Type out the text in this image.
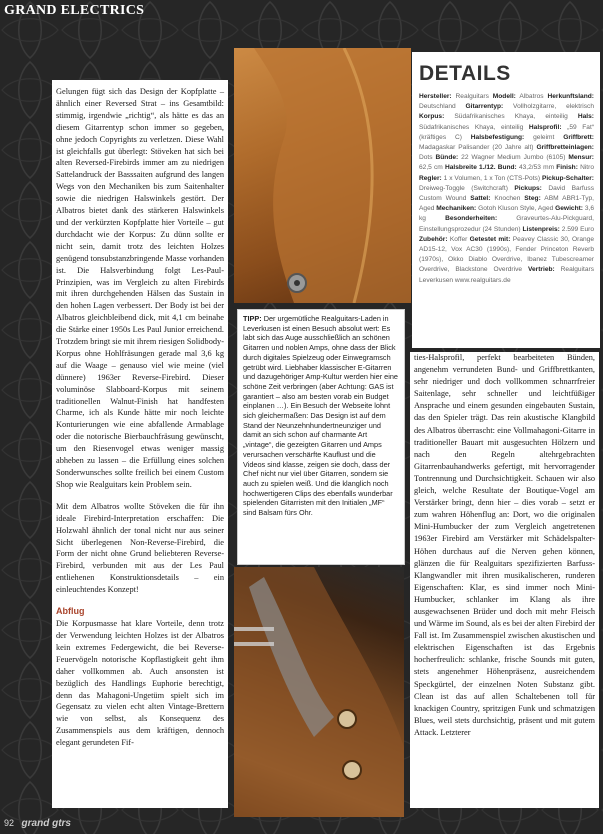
GRAND ELECTRICS

Gelungen fügt sich das Design der Kopfplatte – ähnlich einer Reversed Strat – ins Gesamtbild: stimmig, irgendwie „richtig“, als hätte es das an diesem Gitarrentyp schon immer so gegeben, ohne jedoch Copyrights zu verletzen. Diese Wahl ist gleichfalls gut überlegt: Stöveken hat sich bei alten Reversed-Firebirds immer am zu niedrigen Sattelandruck der Basssaiten aufgrund des langen Wegs von den Mechaniken bis zum Saitenhalter sowie die niedrigen Halswinkels gestört. Der Albatros bietet dank des stärkeren Halswinkels und der verkürzten Kopfplatte hier Vorteile – gut durchdacht wie der Korpus: Zu dünn sollte er nicht sein, damit trotz des leichten Holzes genügend tonsubstanzbringende Masse vorhanden ist. Die Halsverbindung folgt Les-Paul-Prinzipien, was im Vergleich zu alten Firebirds mit ihren durchgehenden Hälsen das Sustain in den hohen Lagen verbessert. Der Body ist bei der Albatros gleichbleibend dick, mit 4,1 cm beinahe die Stärke einer 1950s Les Paul Junior erreichend. Trotzdem bringt sie mit ihrem riesigen Solidbody-Korpus ohne Hohlfräsungen gerade mal 3,6 kg auf die Waage – genauso viel wie meine (viel dünnere) 1963er Reverse-Firebird. Dieser voluminöse Slabboard-Korpus mit seinem traditionellen Walnut-Finish hat handfesten Charme, ich als Kunde hätte mir noch leichte Konturierungen wie eine abfallende Armablage oder die notorische Bierbauchfräsung gewünscht, um den Riesenvogel etwas weniger massig abheben zu lassen – die Erfüllung eines solchen Sonderwunsches sollte freilich bei einem Custom Shop wie Realguitars kein Problem sein.

Mit dem Albatros wollte Stöveken die für ihn ideale Firebird-Interpretation erschaffen: Die Holzwahl ähnlich der tonal nicht nur aus seiner Sicht überlegenen Non-Reverse-Firebird, die Form der nicht ohne Grund beliebteren Reverse-Firebird, verbunden mit aus der Les Paul entliehenen Konstruktionsdetails – ein einleuchtendes Konzept!

Abflug

Die Korpusmasse hat klare Vorteile, denn trotz der Verwendung leichten Holzes ist der Albatros kein extremes Federgewicht, die bei Reverse-Feuervögeln notorische Kopflastigkeit geht ihm daher vollkommen ab. Auch ansonsten ist bezüglich des Handlings Euphorie berechtigt, denn das Mahagoni-Ungetüm spielt sich im Gegensatz zu vielen echt alten Vintage-Brettern wie von selbst, als Konsequenz des Zusammenspiels aus dem kräftigen, dennoch elegant gerundeten Fif-

DETAILS
Hersteller: Realguitars Modell: Albatros Herkunftsland: Deutschland Gitarrentyp: Vollholzgitarre, elektrisch Korpus: Südafrikanisches Khaya, einteilig Hals: Südafrikanisches Khaya, einteilig Halsprofil: „59 Fat“ (kräftiges C) Halsbefestigung: geleimt Griffbrett: Madagaskar Palisander (20 Jahre alt) Griffbretteinlagen: Dots Bünde: 22 Wagner Medium Jumbo (6105) Mensur: 62,5 cm Halsbreite 1./12. Bund: 43,2/53 mm Finish: Nitro Regler: 1 x Volumen, 1 x Ton (CTS-Pots) Pickup-Schalter: Dreiweg-Toggle (Switchcraft) Pickups: David Barfuss Custom Wound Sattel: Knochen Steg: ABM ABR1-Typ, Aged Mechaniken: Gotoh Kluson Style, Aged Gewicht: 3,6 kg Besonderheiten: Graveurtes-Alu-Pickguard, Einstellungsprozedur (24 Stunden) Listenpreis: 2.599 Euro Zubehör: Koffer Getestet mit: Peavey Classic 30, Orange AD15-12, Vox AC30 (1990s), Fender Princeton Reverb (1970s), Okko Diablo Overdrive, Ibanez Tubescreamer Overdrive, Blackstone Overdrive Vertrieb: Realguitars Leverkusen www.realguitars.de
TIPP: Der urgemütliche Realguitars-Laden in Leverkusen ist einen Besuch absolut wert: Es labt sich das Auge ausschließlich an schönen Gitarren und noblen Amps, ohne dass der Blick durch digitales Spielzeug oder Einwegramsch getrübt wird. Liebhaber klassischer E-Gitarren und dazugehöriger Amp-Kultur werden hier eine schöne Zeit verbringen (aber Achtung: GAS ist garantiert – also am besten vorab ein Budget einplanen …). Ein Besuch der Webseite lohnt sich gleichermaßen: Das Design ist auf dem Stand der Neunzehnhundertneunziger und damit an sich schon auf charmante Art „vintage“, die gezeigten Gitarren und Amps verursachen verschärfte Kauflust und die Videos sind klasse, zeigen sie doch, dass der Chef nicht nur viel über Gitarren, sondern sie auch zu spielen weiß. Und die klanglich noch hochwertigeren Clips des ebenfalls wunderbar spielenden Gitarristen mit den Initialen „MF“ sind Balsam fürs Ohr.

ties-Halsprofil, perfekt bearbeiteten Bünden, angenehm verrundeten Bund- und Griffbrettkanten, sehr niedriger und doch vollkommen schnarrfreier Saitenlage, sehr schneller und leichtfüßiger Ansprache und einem gesunden eingebauten Sustain, das den Spieler trägt. Das rein akustische Klangbild des Albatros überrascht: eine Vollmahagoni-Gitarre in traditioneller Bauart mit ausgesuchten Hölzern und nach den Regeln altehrgebrachten Gitarrenbauhandwerks gefertigt, mit hervorragender Tontrennung und Durchsichtigkeit. Schauen wir also gleich, welche Resultate der Boutique-Vogel am Verstärker bringt, denn hier – dies vorab – setzt er zum wahren Höhenflug an: Dort, wo die originalen Mini-Humbucker der zum Vergleich angetretenen 1963er Firebird am Verstärker mit Schädelspalter-Höhen durchaus auf die Nerven gehen können, glänzen die für Realguitars spezifizierten Barfuss-Klangwandler mit ihren musikalischeren, runderen Eigenschaften: Klar, es sind immer noch Mini-Humbucker, schlanker im Klang als ihre ausgewachsenen Brüder und doch mit mehr Fleisch und Wärme im Sound, als es bei der alten Firebird der Fall ist. Im Zusammenspiel zwischen akustischen und elektrischen Eigenschaften ist das Ergebnis hocherfreulich: schlanke, frische Sounds mit guten, stets angenehmer Höhenpräsenz, ausreichendem Speckgürtel, der einzelnen Noten Substanz gibt. Clean ist das auf allen Schaltebenen toll für knackigen Country, spritzigen Funk und schmatzigen Blues, weil stets durchsichtig, präsent und mit gutem Attack. Letzterer

92 grand gtrs
